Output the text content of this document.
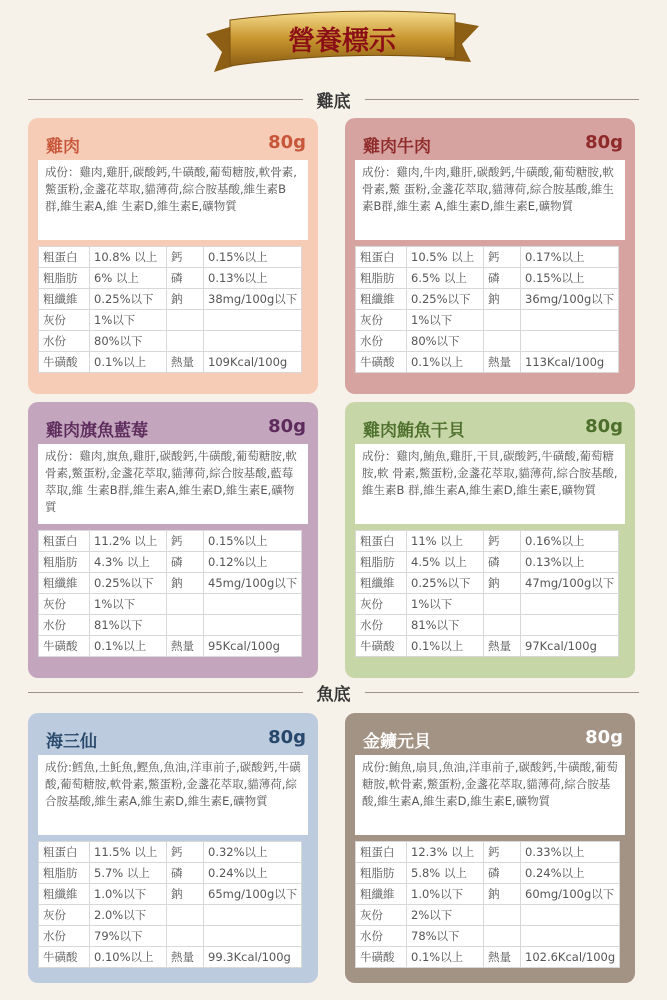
營養標示
雞底
魚底
雞肉	80g
成份：雞肉,雞肝,碳酸鈣,牛磺酸,葡萄糖胺,軟骨素,鱉蛋粉,金盞花萃取,貓薄荷,綜合胺基酸,維生素B群,維生素A,維 生素D,維生素E,礦物質
粗蛋白	10.8% 以上	鈣	0.15%以上
粗脂肪	6% 以上	磷	0.13%以上
粗纖維	0.25%以下	鈉	38mg/100g以下
灰份	1%以下		
水份	80%以下		
牛磺酸	0.1%以上	熱量	109Kcal/100g
雞肉牛肉	80g
成份：雞肉,牛肉,雞肝,碳酸鈣,牛磺酸,葡萄糖胺,軟骨素,鱉 蛋粉,金盞花萃取,貓薄荷,綜合胺基酸,維生素B群,維生素 A,維生素D,維生素E,礦物質
粗蛋白	10.5% 以上	鈣	0.17%以上
粗脂肪	6.5% 以上	磷	0.15%以上
粗纖維	0.25%以下	鈉	36mg/100g以下
灰份	1%以下		
水份	80%以下		
牛磺酸	0.1%以上	熱量	113Kcal/100g
雞肉旗魚藍莓	80g
成份：雞肉,旗魚,雞肝,碳酸鈣,牛磺酸,葡萄糖胺,軟骨素,鱉蛋粉,金盞花萃取,貓薄荷,綜合胺基酸,藍莓萃取,維 生素B群,維生素A,維生素D,維生素E,礦物質
粗蛋白	11.2% 以上	鈣	0.15%以上
粗脂肪	4.3% 以上	磷	0.12%以上
粗纖維	0.25%以下	鈉	45mg/100g以下
灰份	1%以下		
水份	81%以下		
牛磺酸	0.1%以上	熱量	95Kcal/100g
雞肉鮪魚干貝	80g
成份：雞肉,鮪魚,雞肝,干貝,碳酸鈣,牛磺酸,葡萄糖胺,軟 骨素,鱉蛋粉,金盞花萃取,貓薄荷,綜合胺基酸,維生素B 群,維生素A,維生素D,維生素E,礦物質
粗蛋白	11% 以上	鈣	0.16%以上
粗脂肪	4.5% 以上	磷	0.13%以上
粗纖維	0.25%以下	鈉	47mg/100g以下
灰份	1%以下		
水份	81%以下		
牛磺酸	0.1%以上	熱量	97Kcal/100g
海三仙	80g
成份:鱈魚,土魠魚,鰹魚,魚油,洋車前子,碳酸鈣,牛磺酸,葡萄糖胺,軟骨素,鱉蛋粉,金盞花萃取,貓薄荷,綜合胺基酸,維生素A,維生素D,維生素E,礦物質
粗蛋白	11.5% 以上	鈣	0.32%以上
粗脂肪	5.7% 以上	磷	0.24%以上
粗纖維	1.0%以下	鈉	65mg/100g以下
灰份	2.0%以下		
水份	79%以下		
牛磺酸	0.10%以上	熱量	99.3Kcal/100g
金鑛元貝	80g
成份:鮪魚,扇貝,魚油,洋車前子,碳酸鈣,牛磺酸,葡萄糖胺,軟骨素,鱉蛋粉,金盞花萃取,貓薄荷,綜合胺基酸,維生素A,維生素D,維生素E,礦物質
粗蛋白	12.3% 以上	鈣	0.33%以上
粗脂肪	5.8% 以上	磷	0.24%以上
粗纖維	1.0%以下	鈉	60mg/100g以下
灰份	2%以下		
水份	78%以下		
牛磺酸	0.1%以上	熱量	102.6Kcal/100g
